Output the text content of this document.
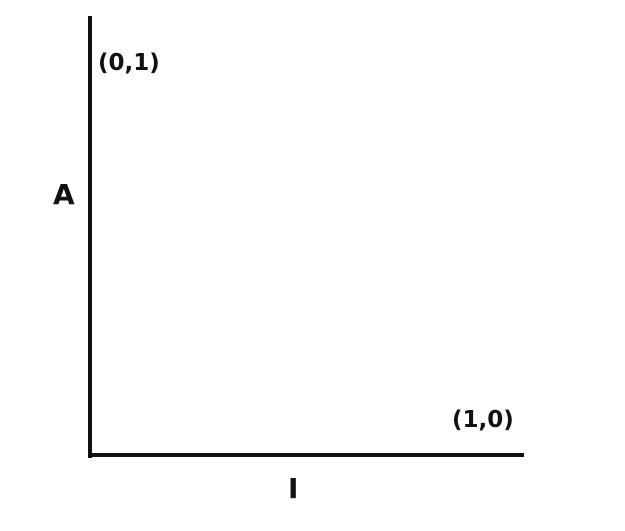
(0,1)
A
(1,0)
I
